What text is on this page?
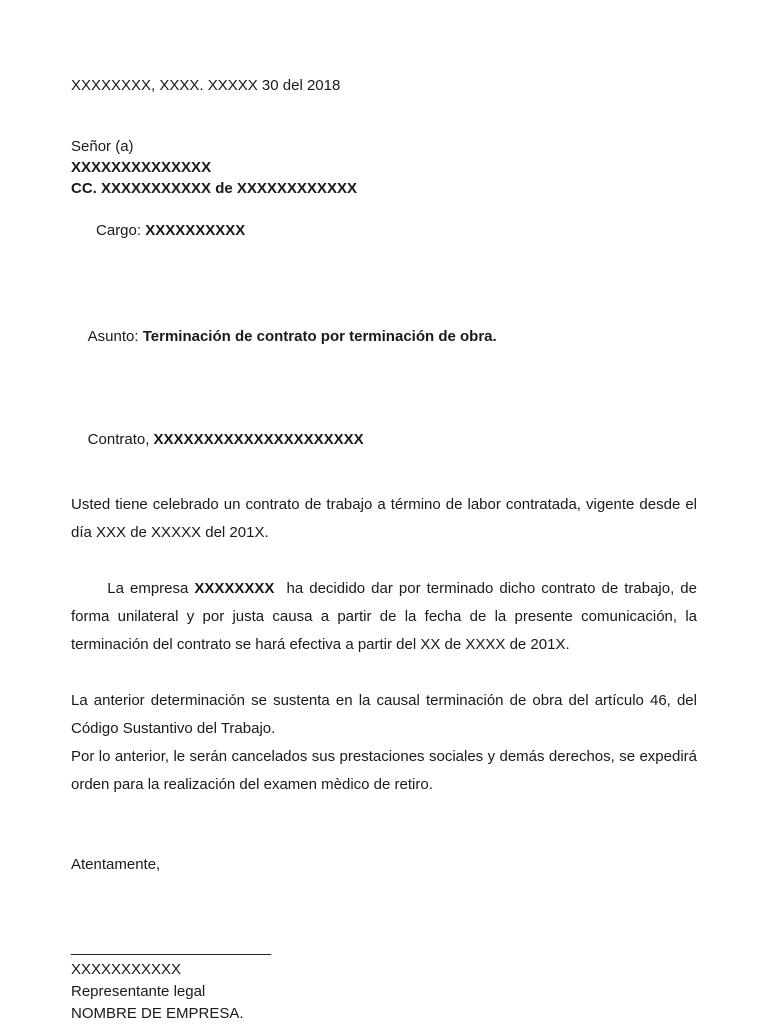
XXXXXXXX, XXXX. XXXXX 30 del 2018
Señor (a)
XXXXXXXXXXXXXX
CC. XXXXXXXXXXX de XXXXXXXXXXXX

Cargo: XXXXXXXXXX

Asunto: Terminación de contrato por terminación de obra.

Contrato, XXXXXXXXXXXXXXXXXXXXX

Usted tiene celebrado un contrato de trabajo a término de labor contratada, vigente desde el día XXX de XXXXX del 201X.

La empresa XXXXXXXX  ha decidido dar por terminado dicho contrato de trabajo, de forma unilateral y por justa causa a partir de la fecha de la presente comunicación, la terminación del contrato se hará efectiva a partir del XX de XXXX de 201X.

La anterior determinación se sustenta en la causal terminación de obra del artículo 46, del Código Sustantivo del Trabajo.

Por lo anterior, le serán cancelados sus prestaciones sociales y demás derechos, se expedirá orden para la realización del examen mèdico de retiro.

Atentamente,
________________________
XXXXXXXXXXX
Representante legal
NOMBRE DE EMPRESA.
